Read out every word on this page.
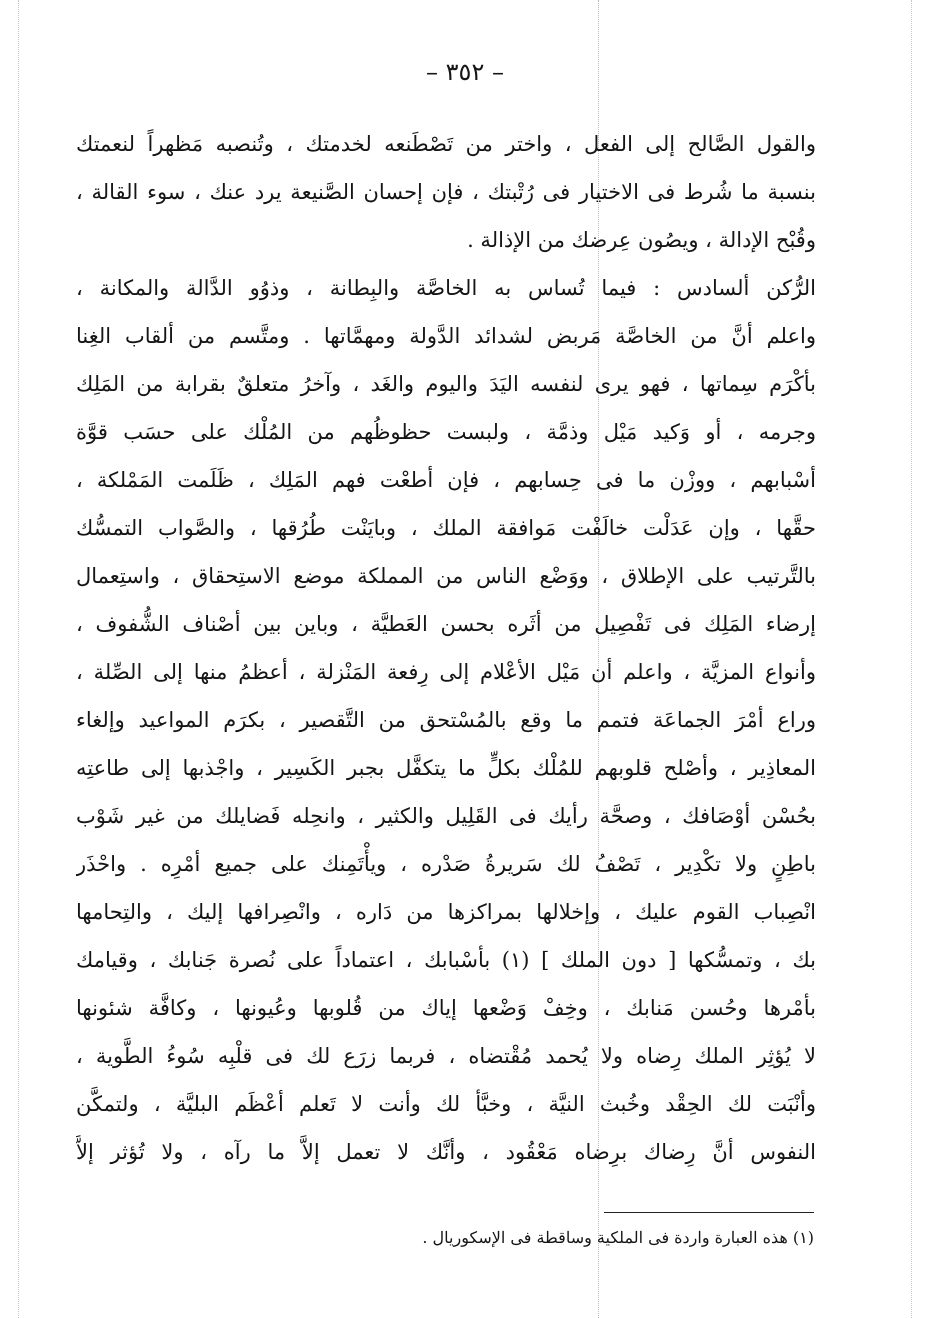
– ٣٥٢ –
والقول الصَّالح إلى الفعل ، واختر من تَصْطَنعه لخدمتك ، وتُنصبه مَظهراً لنعمتك
بنسبة ما شُرط فى الاختيار فى رُتْبتك ، فإن إحسان الصَّنيعة يرد عنك ، سوء القالة ،
وقُبْح الإدالة ، ويصُون عِرضك من الإذالة .
الرُّكن ألسادس : فيما تُساس به الخاصَّة والبِطانة ، وذوُو الدَّالة والمكانة ،
واعلم أنَّ من الخاصَّة مَربض لشدائد الدَّولة ومهمَّاتها . ومتَّسم من ألقاب الغِنا
بأكْرَم سِماتها ، فهو يرى لنفسه اليَدَ واليوم والغَد ، وآخرُ متعلقٌ بقرابة من المَلِك
وجرمه ، أو وَكيد مَيْل وذمَّة ، ولبست حظوظُهم من المُلْك على حسَب قوَّة
أسْبابهم ، ووزْن ما فى حِسابهم ، فإن أطعْت فهم المَلِك ، ظَلَمت المَمْلكة ،
حقَّها ، وإن عَدَلْت خالَفْت مَوافقة الملك ، وبايَنْت طُرُقها ، والصَّواب التمسُّك
بالتَّرتيب على الإطلاق ، ووَضْع الناس من المملكة موضع الاستِحقاق ، واستِعمال
إرضاء المَلِك فى تَفْصِيل من أثَره بحسن العَطيَّة ، وباين بين أصْناف الشُّفوف ،
وأنواع المزيَّة ، واعلم أن مَيْل الأعْلام إلى رِفعة المَنْزلة ، أعظمُ منها إلى الصِّلة ،
وراع أمْرَ الجماعَة فتمم ما وقع بالمُسْتحق من التَّقصير ، بكرَم المواعيد وإلغاء
المعاذِير ، وأصْلح قلوبهم للمُلْك بكلٍّ ما يتكفَّل بجبر الكَسِير ، واجْذبها إلى طاعتِه
بحُسْن أوْصَافك ، وصحَّة رأيك فى القَلِيل والكثير ، وانحِله فَضايلك من غير شَوْب
باطِنٍ ولا تكْدِير ، تَصْفُ لك سَريرةُ صَدْره ، ويأْتَمِنك على جميع أمْرِه . واحْذَر
انْصِباب القوم عليك ، وإخلالها بمراكزها من دَاره ، وانْصِرافها إليك ، والتِحامها
بك ، وتمسُّكها [ دون الملك ] (١) بأسْبابك ، اعتماداً على نُصرة جَنابك ، وقيامك
بأمْرها وحُسن مَنابك ، وخِفْ وَضْعها إياك من قُلوبها وعُيونها ، وكافَّة شئونها
لا يُؤثِر الملك رِضاه ولا يُحمد مُقْتضاه ، فربما زرَع لك فى قلْبِه سُوءُ الطَّوية ،
وأنْبَت لك الحِقْد وخُبث النيَّة ، وخبَّأ لك وأنت لا تَعلم أعْظَم البليَّة ، ولتمكَّن
النفوس أنَّ رِضاك برِضاه مَعْقُود ، وأنَّك لا تعمل إلاَّ ما رآه ، ولا تُؤثر إلاَّ
(١) هذه العبارة واردة فى الملكية وساقطة فى الإسكوريال .
